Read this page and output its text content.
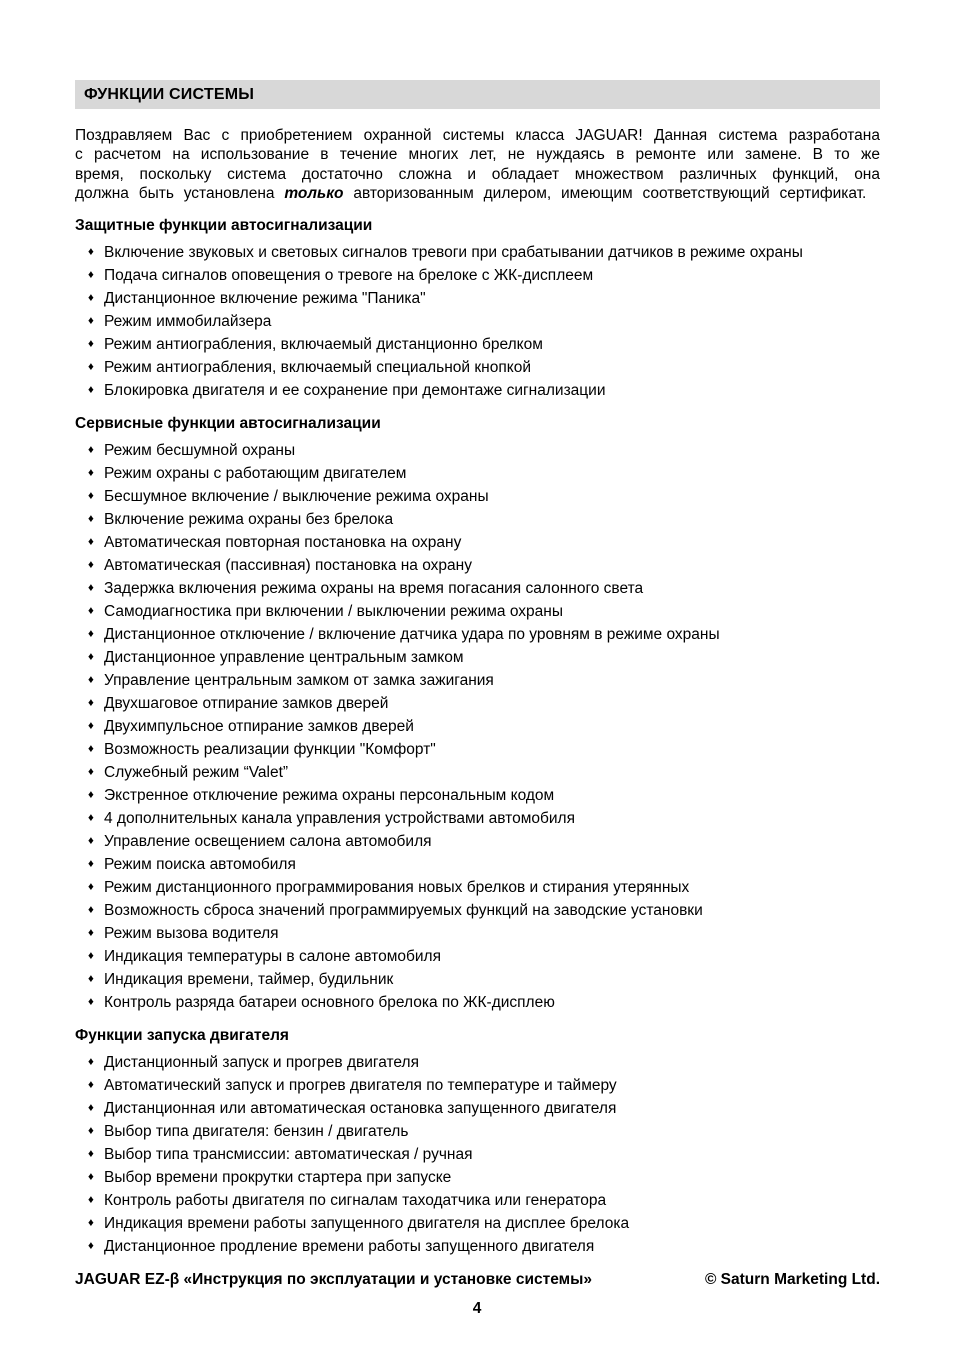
ФУНКЦИИ СИСТЕМЫ

Поздравляем Вас с приобретением охранной системы класса JAGUAR! Данная система разработана с расчетом на использование в течение многих лет, не нуждаясь в ремонте или замене. В то же время, поскольку система достаточно сложна и обладает множеством различных функций, она должна быть установлена только авторизованным дилером, имеющим соответствующий сертификат.

Защитные функции автосигнализации
♦ Включение звуковых и световых сигналов тревоги при срабатывании датчиков в режиме охраны
♦ Подача сигналов оповещения о тревоге на брелоке с ЖК-дисплеем
♦ Дистанционное включение режима "Паника"
♦ Режим иммобилайзера
♦ Режим антиограбления, включаемый дистанционно брелком
♦ Режим антиограбления, включаемый специальной кнопкой
♦ Блокировка двигателя и ее сохранение при демонтаже сигнализации
Сервисные функции автосигнализации
♦ Режим бесшумной охраны
♦ Режим охраны с работающим двигателем
♦ Бесшумное включение / выключение режима охраны
♦ Включение режима охраны без брелока
♦ Автоматическая повторная постановка на охрану
♦ Автоматическая (пассивная) постановка на охрану
♦ Задержка включения режима охраны на время погасания салонного света
♦ Самодиагностика при включении / выключении режима охраны
♦ Дистанционное отключение / включение датчика удара по уровням в режиме охраны
♦ Дистанционное управление центральным замком
♦ Управление центральным замком от замка зажигания
♦ Двухшаговое отпирание замков дверей
♦ Двухимпульсное отпирание замков дверей
♦ Возможность реализации функции "Комфорт"
♦ Служебный режим “Valet”
♦ Экстренное отключение режима охраны персональным кодом
♦ 4 дополнительных канала управления устройствами автомобиля
♦ Управление освещением салона автомобиля
♦ Режим поиска автомобиля
♦ Режим дистанционного программирования новых брелков и стирания утерянных
♦ Возможность сброса значений программируемых функций на заводские установки
♦ Режим вызова водителя
♦ Индикация температуры в салоне автомобиля
♦ Индикация времени, таймер, будильник
♦ Контроль разряда батареи основного брелока по ЖК-дисплею
Функции запуска двигателя
♦ Дистанционный запуск и прогрев двигателя
♦ Автоматический запуск и прогрев двигателя по температуре и таймеру
♦ Дистанционная или автоматическая остановка запущенного двигателя
♦ Выбор типа двигателя: бензин / двигатель
♦ Выбор типа трансмиссии: автоматическая / ручная
♦ Выбор времени прокрутки стартера при запуске
♦ Контроль работы двигателя по сигналам таходатчика или генератора
♦ Индикация времени работы запущенного двигателя на дисплее брелока
♦ Дистанционное продление времени работы запущенного двигателя
JAGUAR EZ-β «Инструкция по эксплуатации и установке системы»	© Saturn Marketing Ltd.
4
